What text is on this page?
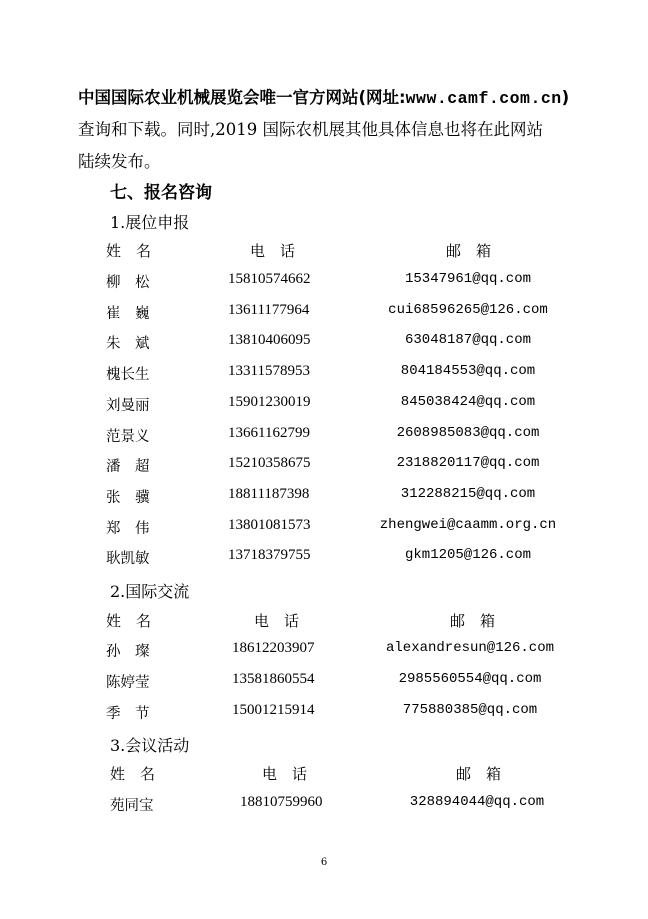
中国国际农业机械展览会唯一官方网站(网址:www.camf.com.cn)
查询和下载。同时,2019 国际农机展其他具体信息也将在此网站
陆续发布。
七、报名咨询
1.展位申报
姓　名	电　话	邮　箱
柳　松	15810574662	15347961@qq.com
崔　巍	13611177964	cui68596265@126.com
朱　斌	13810406095	63048187@qq.com
槐长生	13311578953	804184553@qq.com
刘曼丽	15901230019	845038424@qq.com
范景义	13661162799	2608985083@qq.com
潘　超	15210358675	2318820117@qq.com
张　骥	18811187398	312288215@qq.com
郑　伟	13801081573	zhengwei@caamm.org.cn
耿凯敏	13718379755	gkm1205@126.com
2.国际交流
姓　名	电　话	邮　箱
孙　璨	18612203907	alexandresun@126.com
陈婷莹	13581860554	2985560554@qq.com
季　节	15001215914	775880385@qq.com
3.会议活动
姓　名	电　话	邮　箱
苑同宝	18810759960	328894044@qq.com
6
